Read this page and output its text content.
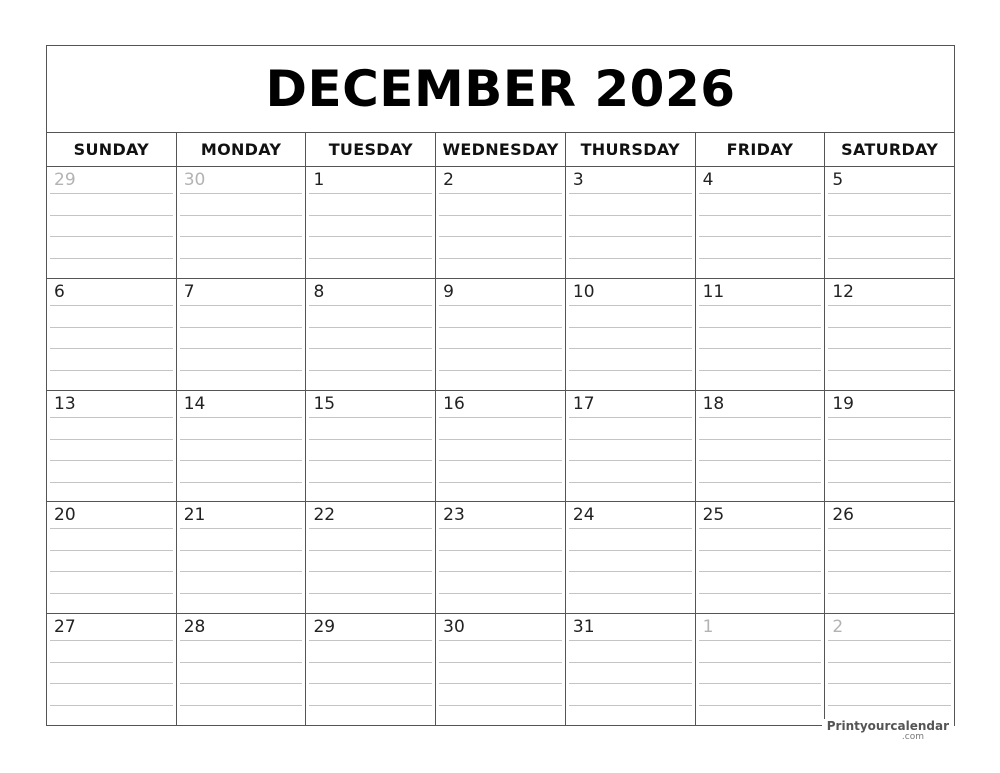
DECEMBER 2026
SUNDAY	MONDAY	TUESDAY	WEDNESDAY	THURSDAY	FRIDAY	SATURDAY
29	30	1	2	3	4	5
6	7	8	9	10	11	12
13	14	15	16	17	18	19
20	21	22	23	24	25	26
27	28	29	30	31	1	2
Printyourcalendar
.com
